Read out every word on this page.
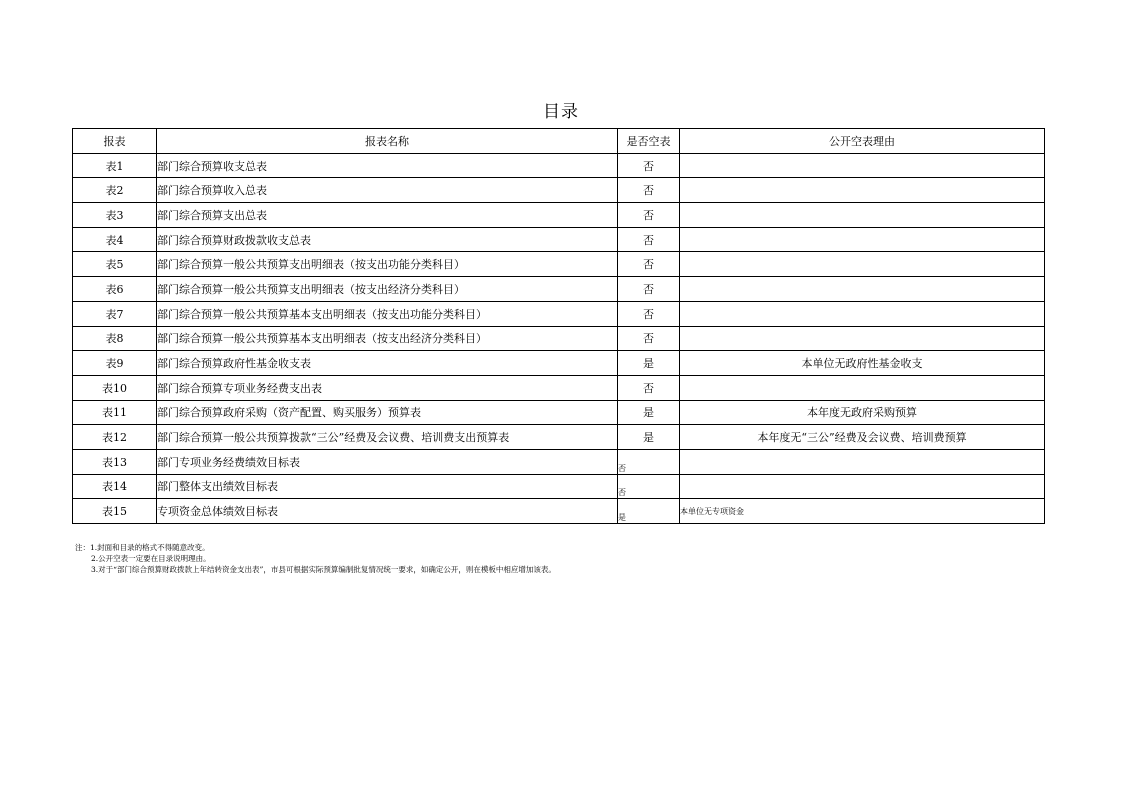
目录
报表	报表名称	是否空表	公开空表理由
表1	部门综合预算收支总表	否	
表2	部门综合预算收入总表	否	
表3	部门综合预算支出总表	否	
表4	部门综合预算财政拨款收支总表	否	
表5	部门综合预算一般公共预算支出明细表（按支出功能分类科目）	否	
表6	部门综合预算一般公共预算支出明细表（按支出经济分类科目）	否	
表7	部门综合预算一般公共预算基本支出明细表（按支出功能分类科目）	否	
表8	部门综合预算一般公共预算基本支出明细表（按支出经济分类科目）	否	
表9	部门综合预算政府性基金收支表	是	本单位无政府性基金收支
表10	部门综合预算专项业务经费支出表	否	
表11	部门综合预算政府采购（资产配置、购买服务）预算表	是	本年度无政府采购预算
表12	部门综合预算一般公共预算拨款“三公”经费及会议费、培训费支出预算表	是	本年度无“三公”经费及会议费、培训费预算
表13	部门专项业务经费绩效目标表	否	
表14	部门整体支出绩效目标表	否	
表15	专项资金总体绩效目标表	是	本单位无专项资金
注：1.封面和目录的格式不得随意改变。
2.公开空表一定要在目录说明理由。
3.对于“部门综合预算财政拨款上年结转资金支出表”，市县可根据实际预算编制批复情况统一要求，如确定公开，则在模板中相应增加该表。
